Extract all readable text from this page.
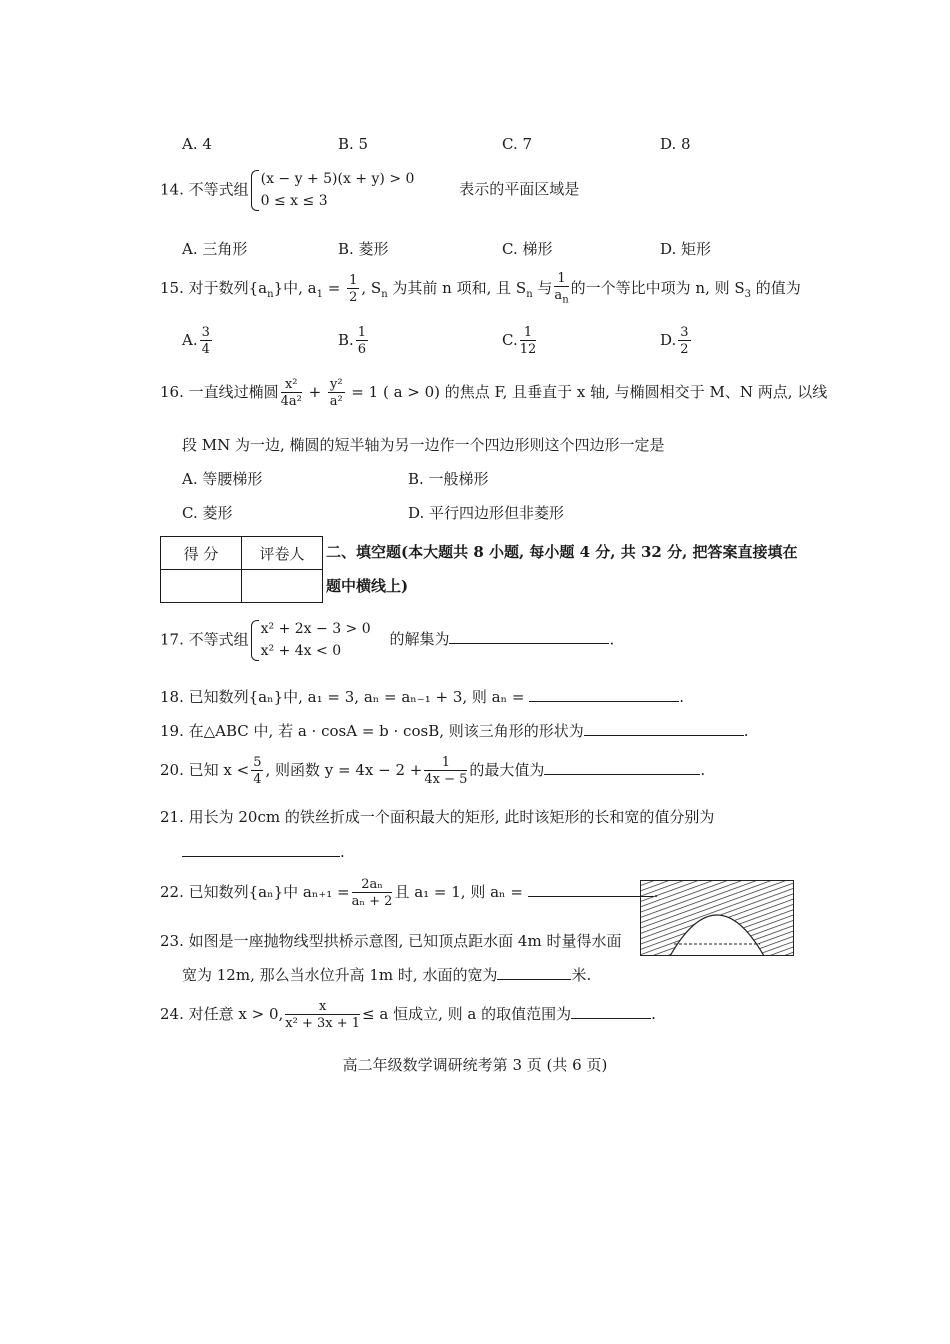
A. 4	B. 5	C. 7	D. 8
14. 不等式组
(x − y + 5)(x + y) > 0
0 ≤ x ≤ 3
表示的平面区域是
A. 三角形	B. 菱形	C. 梯形	D. 矩形
15. 对于数列$\{a_n\}$中, $a_1 = \frac{1}{2}$ , $S_n$ 为其前 n 项和, 且 $S_n$ 与 $\frac{1}{a_n}$ 的一个等比中项为 n, 则 $S_3$ 的值为
A. $\frac{3}{4}$	B. $\frac{1}{6}$	C. $\frac{1}{12}$	D. $\frac{3}{2}$
16. 一直线过椭圆 $\frac{\text{x²}}{\text{4a²}} + \frac{\text{y²}}{\text{a²}} = 1$ ( a > 0) 的焦点 F, 且垂直于 x 轴, 与椭圆相交于 M、N 两点, 以线
段 MN 为一边, 椭圆的短半轴为另一边作一个四边形则这个四边形一定是
A. 等腰梯形	B. 一般梯形
C. 菱形	D. 平行四边形但非菱形
得 分	评卷人
	二、填空题(本大题共 8 小题, 每小题 4 分, 共 32 分, 把答案直接填在
题中横线上)
17. 不等式组
x² + 2x − 3 > 0
x² + 4x < 0
的解集为	.
18. 已知数列{aₙ}中, a₁ = 3, aₙ = aₙ₋₁ + 3, 则 aₙ =	.
19. 在△ABC 中, 若 a · cosA = b · cosB, 则该三角形的形状为	.
20. 已知 $x < \frac{5}{4}$ , 则函数 $y = 4x - 2 + \frac{1}{4x - 5}$ 的最大值为	.
21. 用长为 20cm 的铁丝折成一个面积最大的矩形, 此时该矩形的长和宽的值分别为
.
22. 已知数列{aₙ}中 $a_{n+1} = \frac{\text{2aₙ}}{\text{aₙ + 2}}$ 且 a₁ = 1, 则 aₙ =
23. 如图是一座抛物线型拱桥示意图, 已知顶点距水面 4m 时量得水面
宽为 12m, 那么当水位升高 1m 时, 水面的宽为	米.
24. 对任意 x > 0, $\frac{x}{\text{x² + 3x + 1}} \le a$ 恒成立, 则 a 的取值范围为	.
高二年级数学调研统考第 3 页 (共 6 页)
